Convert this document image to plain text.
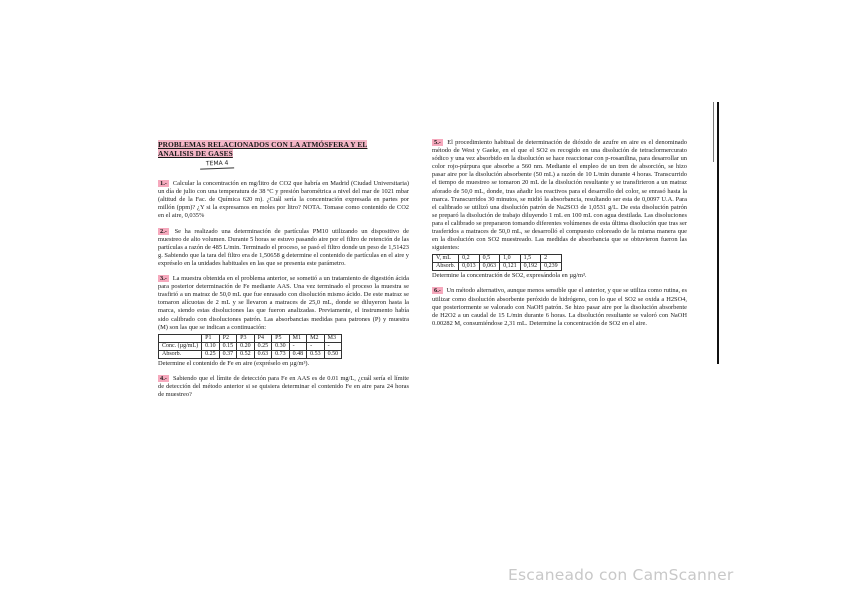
PROBLEMAS RELACIONADOS CON LA ATMÓSFERA Y EL
ANALISIS DE GASES
TEMA 4
1.- Calcular la concentración en mg/litro de CO2 que habría en Madrid (Ciudad Universitaria) un día de julio con una temperatura de 38 ºC y presión barométrica a nivel del mar de 1021 mbar (altitud de la Fac. de Química 620 m). ¿Cuál sería la concentración expresada en partes por millón (ppm)? ¿Y si la expresamos en moles por litro? NOTA. Tomase como contenido de CO2 en el aire, 0,035%
2.- Se ha realizado una determinación de partículas PM10 utilizando un dispositivo de muestreo de alto volumen. Durante 5 horas se estuvo pasando aire por el filtro de retención de las partículas a razón de 485 L/min. Terminado el proceso, se pasó el filtro donde un peso de 1,51423 g. Sabiendo que la tara del filtro era de 1,50658 g determine el contenido de partículas en el aire y expréselo en la unidades habituales en las que se presenta este parámetro.
3.- La muestra obtenida en el problema anterior, se sometió a un tratamiento de digestión ácida para posterior determinación de Fe mediante AAS. Una vez terminado el proceso la muestra se trasfirió a un matraz de 50,0 mL que fue enrasado con disolución mismo ácido. De este matraz se tomaron alícuotas de 2 mL y se llevaron a matraces de 25,0 mL, donde se diluyeron hasta la marca, siendo estas disoluciones las que fueron analizadas. Previamente, el instrumento había sido calibrado con disoluciones patrón. Las absorbancias medidas para patrones (P) y muestra (M) son las que se indican a continuación:
	P1	P2	P3	P4	P5	M1	M2	M3
Conc. (µg/mL)	0.10	0.15	0.20	0.25	0.30	-	-	-
Absorb.	0.25	0.37	0.52	0.63	0.73	0.48	0.53	0.50
Determine el contenido de Fe en aire (expréselo en µg/m³).
4.- Sabiendo que el límite de detección para Fe en AAS es de 0.01 mg/L, ¿cuál sería el límite de detección del método anterior si se quisiera determinar el contenido Fe en aire para 24 horas de muestreo?
5.- El procedimiento habitual de determinación de dióxido de azufre en aire es el denominado método de West y Gaeke, en el que el SO2 es recogido en una disolución de tetraclormercurato sódico y una vez absorbido en la disolución se hace reaccionar con p-rosanilina, para desarrollar un color rojo-púrpura que absorbe a 560 nm. Mediante el empleo de un tren de absorción, se hizo pasar aire por la disolución absorbente (50 mL) a razón de 10 L/min durante 4 horas. Transcurrido el tiempo de muestreo se tomaron 20 mL de la disolución resultante y se transfirieron a un matraz aforado de 50,0 mL, donde, tras añadir los reactivos para el desarrollo del color, se enrasó hasta la marca. Transcurridos 30 minutos, se midió la absorbancia, resultando ser esta de 0,0097 U.A. Para el calibrado se utilizó una disolución patrón de Na2SO3 de 1,0531 g/L. De esta disolución patrón se preparó la disolución de trabajo diluyendo 1 mL en 100 mL con agua destilada. Las disoluciones para el calibrado se prepararon tomando diferentes volúmenes de esta última disolución que tras ser trasferidos a matraces de 50,0 mL, se desarrolló el compuesto coloreado de la misma manera que en la disolución con SO2 muestreado. Las medidas de absorbancia que se obtuvieron fueron las siguientes:
V, mL	0,2	0,5	1,0	1,5	2
Absorb.	0,013	0,063	0,121	0,192	0,239
Determine la concentración de SO2, expresándola en µg/m³.
6.- Un método alternativo, aunque menos sensible que el anterior, y que se utiliza como rutina, es utilizar como disolución absorbente peróxido de hidrógeno, con lo que el SO2 se oxida a H2SO4, que posteriormente se valorado con NaOH patrón. Se hizo pasar aire por la disolución absorbente de H2O2 a un caudal de 15 L/min durante 6 horas. La disolución resultante se valoró con NaOH 0.00282 M, consumiéndose 2,31 mL. Determine la concentración de SO2 en el aire.
Escaneado con CamScanner
